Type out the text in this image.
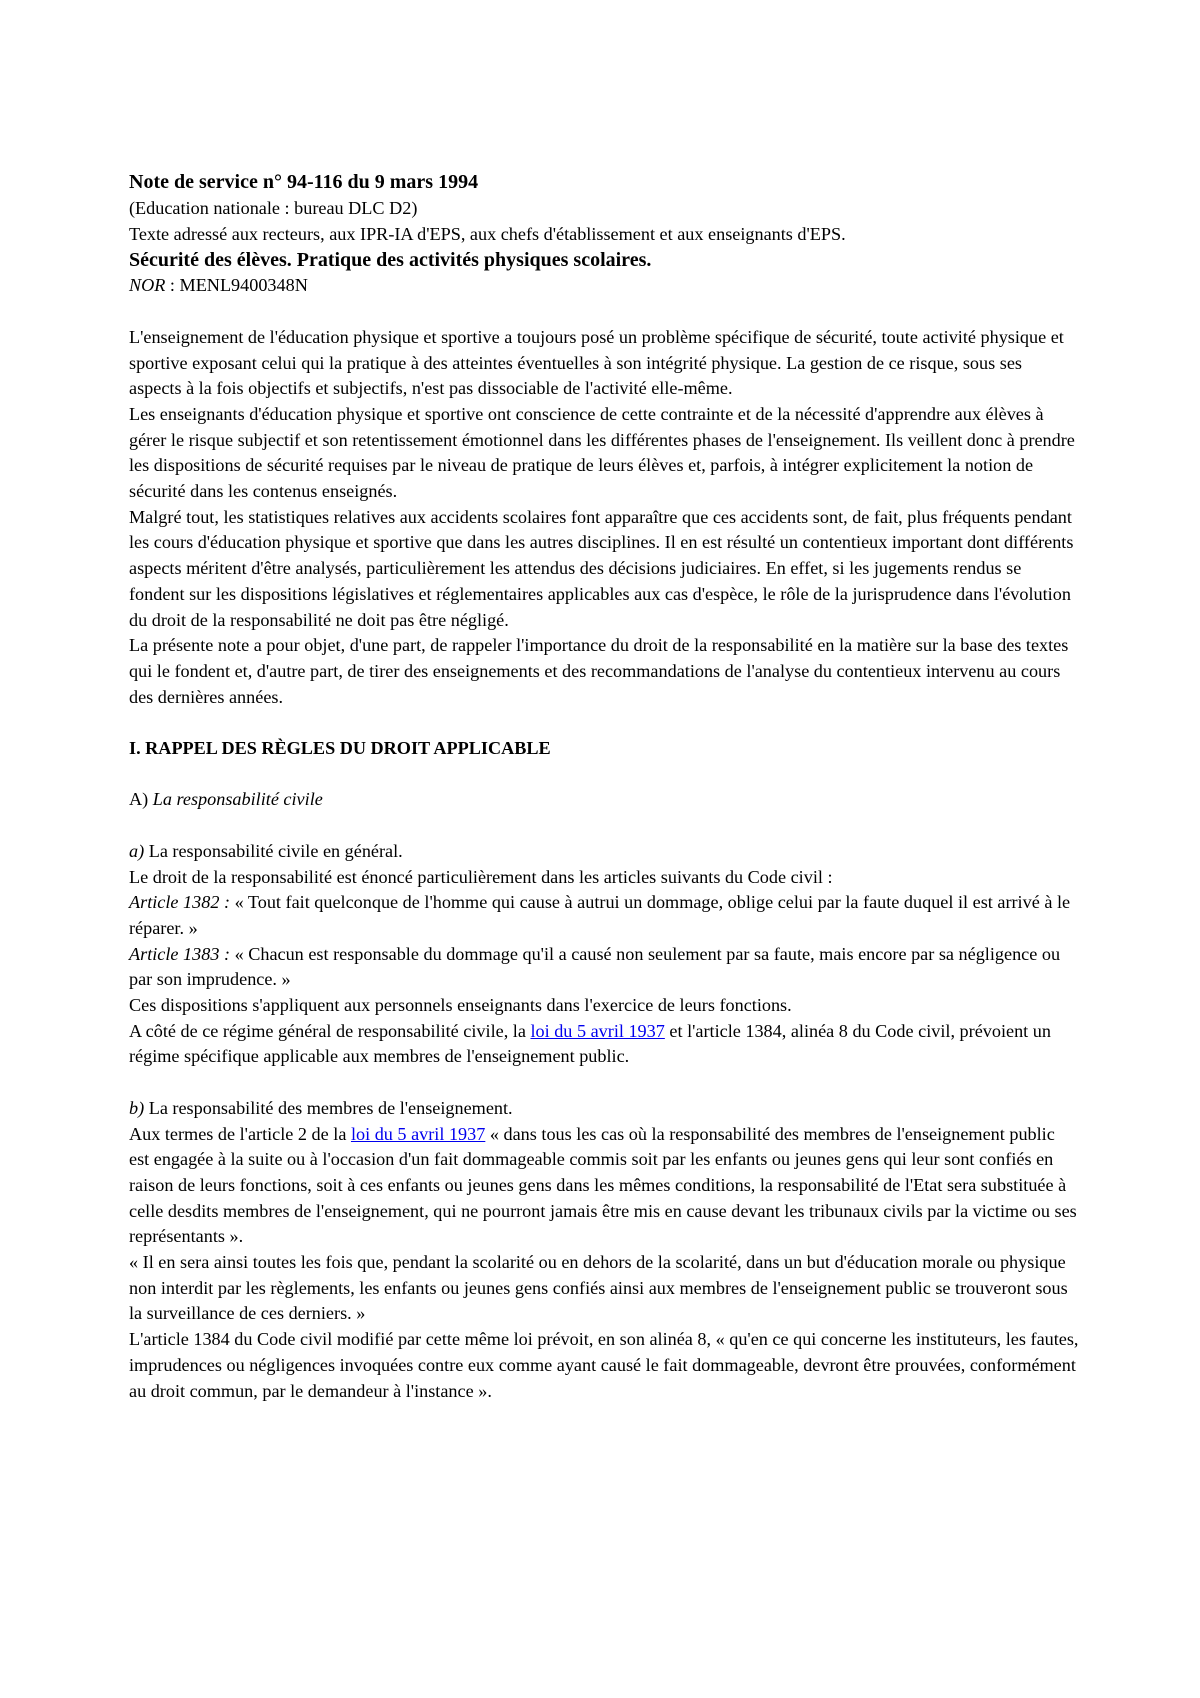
Note de service n° 94-116 du 9 mars 1994

(Education nationale : bureau DLC D2)

Texte adressé aux recteurs, aux IPR-IA d'EPS, aux chefs d'établissement et aux enseignants d'EPS.

Sécurité des élèves. Pratique des activités physiques scolaires.

NOR : MENL9400348N

L'enseignement de l'éducation physique et sportive a toujours posé un problème spécifique de sécurité, toute activité physique et sportive exposant celui qui la pratique à des atteintes éventuelles à son intégrité physique. La gestion de ce risque, sous ses aspects à la fois objectifs et subjectifs, n'est pas dissociable de l'activité elle-même.

Les enseignants d'éducation physique et sportive ont conscience de cette contrainte et de la nécessité d'apprendre aux élèves à gérer le risque subjectif et son retentissement émotionnel dans les différentes phases de l'enseignement. Ils veillent donc à prendre les dispositions de sécurité requises par le niveau de pratique de leurs élèves et, parfois, à intégrer explicitement la notion de sécurité dans les contenus enseignés.

Malgré tout, les statistiques relatives aux accidents scolaires font apparaître que ces accidents sont, de fait, plus fréquents pendant les cours d'éducation physique et sportive que dans les autres disciplines. Il en est résulté un contentieux important dont différents aspects méritent d'être analysés, particulièrement les attendus des décisions judiciaires. En effet, si les jugements rendus se fondent sur les dispositions législatives et réglementaires applicables aux cas d'espèce, le rôle de la jurisprudence dans l'évolution du droit de la responsabilité ne doit pas être négligé.

La présente note a pour objet, d'une part, de rappeler l'importance du droit de la responsabilité en la matière sur la base des textes qui le fondent et, d'autre part, de tirer des enseignements et des recommandations de l'analyse du contentieux intervenu au cours des dernières années.

I. RAPPEL DES RÈGLES DU DROIT APPLICABLE

A) La responsabilité civile

a) La responsabilité civile en général.

Le droit de la responsabilité est énoncé particulièrement dans les articles suivants du Code civil :

Article 1382 : « Tout fait quelconque de l'homme qui cause à autrui un dommage, oblige celui par la faute duquel il est arrivé à le réparer. »

Article 1383 : « Chacun est responsable du dommage qu'il a causé non seulement par sa faute, mais encore par sa négligence ou par son imprudence. »

Ces dispositions s'appliquent aux personnels enseignants dans l'exercice de leurs fonctions.

A côté de ce régime général de responsabilité civile, la loi du 5 avril 1937 et l'article 1384, alinéa 8 du Code civil, prévoient un régime spécifique applicable aux membres de l'enseignement public.

b) La responsabilité des membres de l'enseignement.

Aux termes de l'article 2 de la loi du 5 avril 1937 « dans tous les cas où la responsabilité des membres de l'enseignement public est engagée à la suite ou à l'occasion d'un fait dommageable commis soit par les enfants ou jeunes gens qui leur sont confiés en raison de leurs fonctions, soit à ces enfants ou jeunes gens dans les mêmes conditions, la responsabilité de l'Etat sera substituée à celle desdits membres de l'enseignement, qui ne pourront jamais être mis en cause devant les tribunaux civils par la victime ou ses représentants ».

« Il en sera ainsi toutes les fois que, pendant la scolarité ou en dehors de la scolarité, dans un but d'éducation morale ou physique non interdit par les règlements, les enfants ou jeunes gens confiés ainsi aux membres de l'enseignement public se trouveront sous la surveillance de ces derniers. »

L'article 1384 du Code civil modifié par cette même loi prévoit, en son alinéa 8, « qu'en ce qui concerne les instituteurs, les fautes, imprudences ou négligences invoquées contre eux comme ayant causé le fait dommageable, devront être prouvées, conformément au droit commun, par le demandeur à l'instance ».
